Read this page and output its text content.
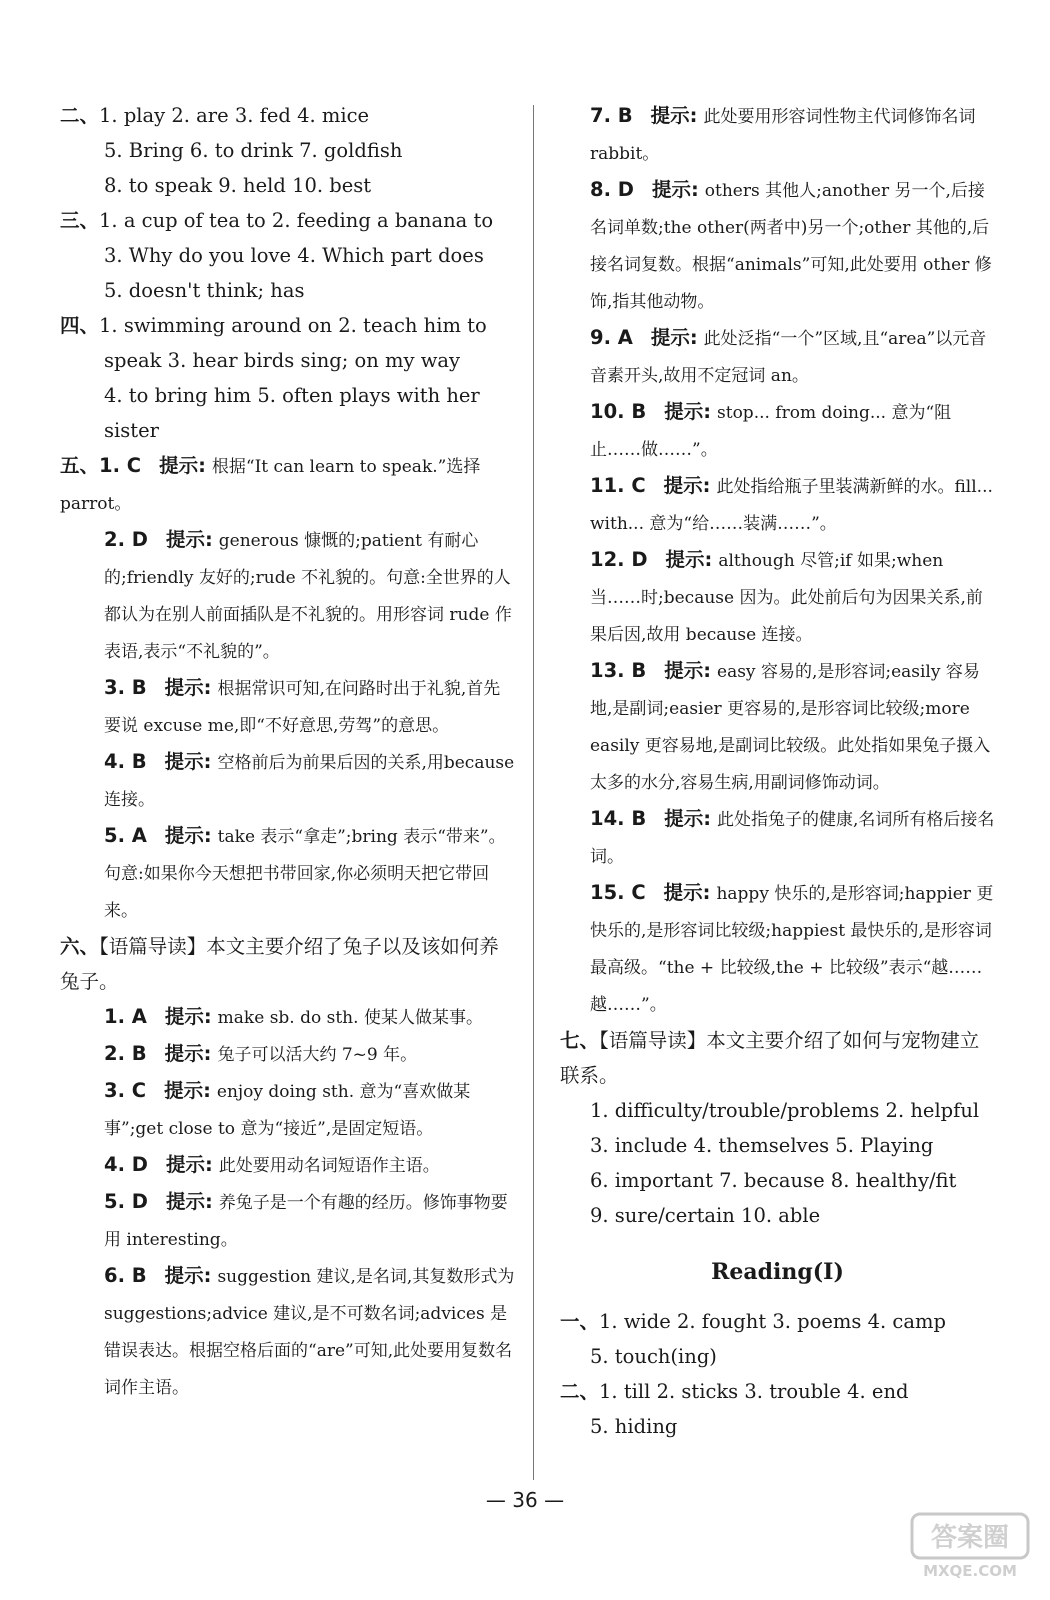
二、1. play 2. are 3. fed 4. mice
5. Bring 6. to drink 7. goldfish
8. to speak 9. held 10. best
三、1. a cup of tea to 2. feeding a banana to
3. Why do you love 4. Which part does
5. doesn't think; has
四、1. swimming around on 2. teach him to
speak 3. hear birds sing; on my way
4. to bring him 5. often plays with her
sister
五、1. C 提示: 根据“It can learn to speak.”选择parrot。
2. D 提示: generous 慷慨的;patient 有耐心的;friendly 友好的;rude 不礼貌的。句意:全世界的人都认为在别人前面插队是不礼貌的。用形容词 rude 作表语,表示“不礼貌的”。
3. B 提示: 根据常识可知,在问路时出于礼貌,首先要说 excuse me,即“不好意思,劳驾”的意思。
4. B 提示: 空格前后为前果后因的关系,用because 连接。
5. A 提示: take 表示“拿走”;bring 表示“带来”。句意:如果你今天想把书带回家,你必须明天把它带回来。
六、【语篇导读】本文主要介绍了兔子以及该如何养兔子。
1. A 提示: make sb. do sth. 使某人做某事。
2. B 提示: 兔子可以活大约 7~9 年。
3. C 提示: enjoy doing sth. 意为“喜欢做某事”;get close to 意为“接近”,是固定短语。
4. D 提示: 此处要用动名词短语作主语。
5. D 提示: 养兔子是一个有趣的经历。修饰事物要用 interesting。
6. B 提示: suggestion 建议,是名词,其复数形式为 suggestions;advice 建议,是不可数名词;advices 是错误表达。根据空格后面的“are”可知,此处要用复数名词作主语。
7. B 提示: 此处要用形容词性物主代词修饰名词 rabbit。
8. D 提示: others 其他人;another 另一个,后接名词单数;the other(两者中)另一个;other 其他的,后接名词复数。根据“animals”可知,此处要用 other 修饰,指其他动物。
9. A 提示: 此处泛指“一个”区域,且“area”以元音音素开头,故用不定冠词 an。
10. B 提示: stop... from doing... 意为“阻止……做……”。
11. C 提示: 此处指给瓶子里装满新鲜的水。fill... with... 意为“给……装满……”。
12. D 提示: although 尽管;if 如果;when 当……时;because 因为。此处前后句为因果关系,前果后因,故用 because 连接。
13. B 提示: easy 容易的,是形容词;easily 容易地,是副词;easier 更容易的,是形容词比较级;more easily 更容易地,是副词比较级。此处指如果兔子摄入太多的水分,容易生病,用副词修饰动词。
14. B 提示: 此处指兔子的健康,名词所有格后接名词。
15. C 提示: happy 快乐的,是形容词;happier 更快乐的,是形容词比较级;happiest 最快乐的,是形容词最高级。“the + 比较级,the + 比较级”表示“越……越……”。
七、【语篇导读】本文主要介绍了如何与宠物建立联系。
1. difficulty/trouble/problems 2. helpful
3. include 4. themselves 5. Playing
6. important 7. because 8. healthy/fit
9. sure/certain 10. able
Reading(Ⅰ)
一、1. wide 2. fought 3. poems 4. camp
5. touch(ing)
二、1. till 2. sticks 3. trouble 4. end
5. hiding
— 36 —
答案圈
MXQE.COM
